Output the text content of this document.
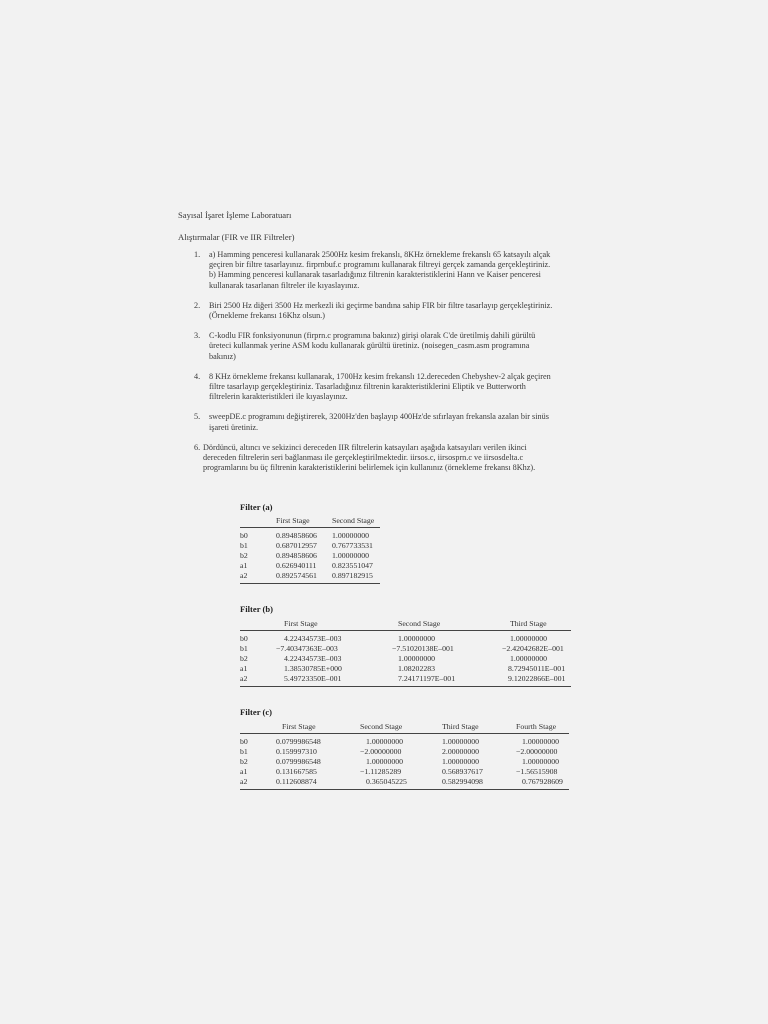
Sayısal İşaret İşleme Laboratuarı
Alıştırmalar (FIR ve IIR Filtreler)
1. a) Hamming penceresi kullanarak 2500Hz kesim frekanslı, 8KHz örnekleme frekanslı 65 katsayılı alçak
geçiren bir filtre tasarlayınız. firprnbuf.c programını kullanarak filtreyi gerçek zamanda gerçekleştiriniz.
b) Hamming penceresi kullanarak tasarladığınız filtrenin karakteristiklerini Hann ve Kaiser penceresi
kullanarak tasarlanan filtreler ile kıyaslayınız.
2. Biri 2500 Hz diğeri 3500 Hz merkezli iki geçirme bandına sahip FIR bir filtre tasarlayıp gerçekleştiriniz.
(Örnekleme frekansı 16Khz olsun.)
3. C-kodlu FIR fonksiyonunun (firprn.c programına bakınız) girişi olarak C'de üretilmiş dahili gürültü
üreteci kullanmak yerine ASM kodu kullanarak gürültü üretiniz. (noisegen_casm.asm programına
bakınız)
4. 8 KHz örnekleme frekansı kullanarak, 1700Hz kesim frekanslı 12.dereceden Chebyshev-2 alçak geçiren
filtre tasarlayıp gerçekleştiriniz. Tasarladığınız filtrenin karakteristiklerini Eliptik ve Butterworth
filtrelerin karakteristikleri ile kıyaslayınız.
5. sweepDE.c programını değiştirerek, 3200Hz'den başlayıp 400Hz'de sıfırlayan frekansla azalan bir sinüs
işareti üretiniz.
6. Dördüncü, altıncı ve sekizinci dereceden IIR filtrelerin katsayıları aşağıda katsayıları verilen ikinci
dereceden filtrelerin seri bağlanması ile gerçekleştirilmektedir. iirsos.c, iirsosprn.c ve iirsosdelta.c
programlarını bu üç filtrenin karakteristiklerini belirlemek için kullanınız (örnekleme frekansı 8Khz).
Filter (a)
	First Stage	Second Stage
b0	0.894858606	1.00000000
b1	0.687012957	0.767733531
b2	0.894858606	1.00000000
a1	0.626940111	0.823551047
a2	0.892574561	0.897182915
Filter (b)
	First Stage	Second Stage	Third Stage
b0	4.22434573E–003	1.00000000	1.00000000
b1	−7.40347363E–003	−7.51020138E–001	−2.42042682E–001
b2	4.22434573E–003	1.00000000	1.00000000
a1	1.38530785E+000	1.08202283	8.72945011E–001
a2	5.49723350E–001	7.24171197E–001	9.12022866E–001
Filter (c)
	First Stage	Second Stage	Third Stage	Fourth Stage
b0	0.0799986548	1.00000000	1.00000000	1.00000000
b1	0.159997310	−2.00000000	2.00000000	−2.00000000
b2	0.0799986548	1.00000000	1.00000000	1.00000000
a1	0.131667585	−1.11285289	0.568937617	−1.56515908
a2	0.112608874	0.365045225	0.582994098	0.767928609
